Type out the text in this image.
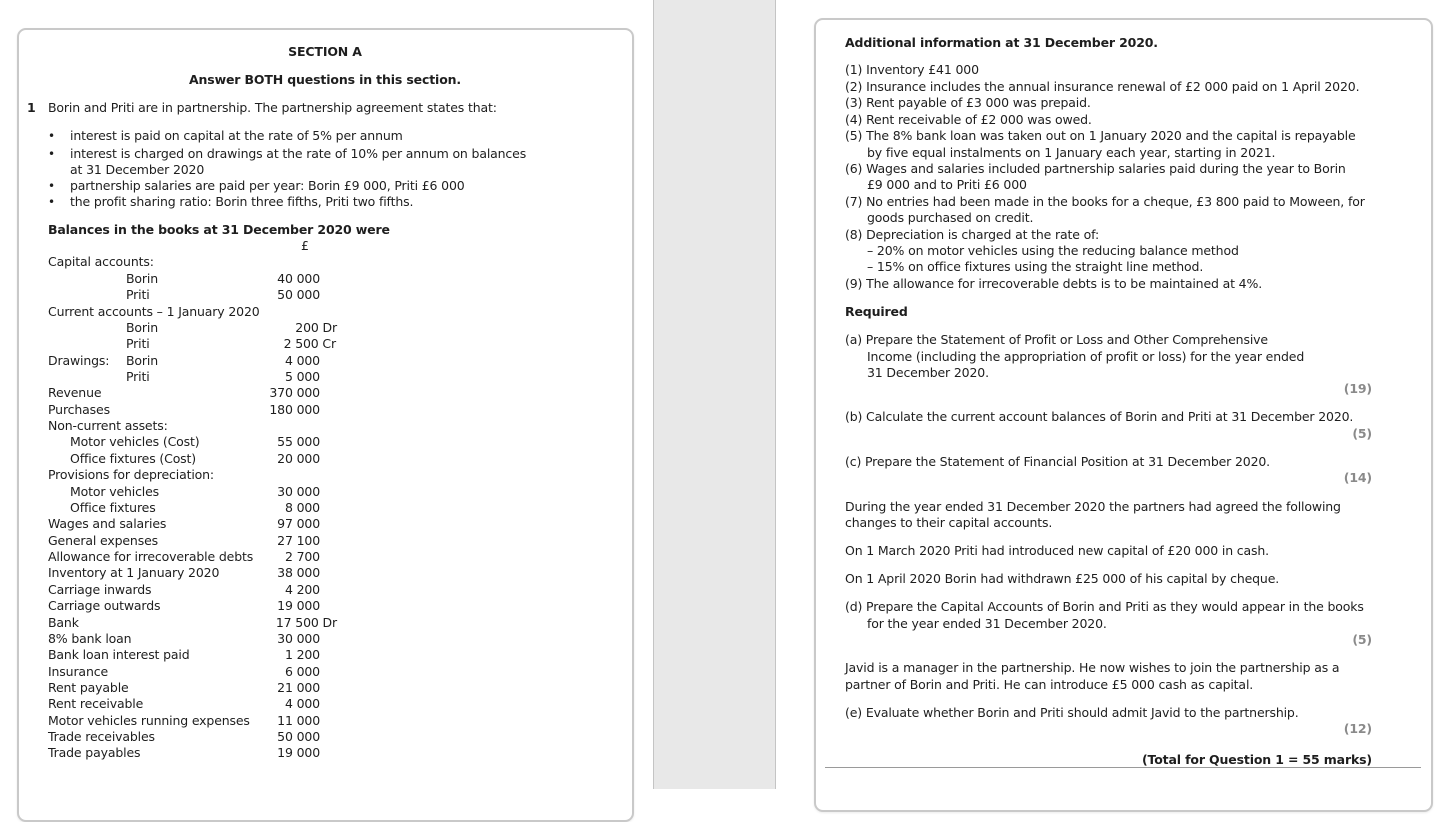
SECTION A
Answer BOTH questions in this section.
1 Borin and Priti are in partnership. The partnership agreement states that:
• interest is paid on capital at the rate of 5% per annum
• interest is charged on drawings at the rate of 10% per annum on balances
at 31 December 2020
• partnership salaries are paid per year: Borin £9 000, Priti £6 000
• the profit sharing ratio: Borin three fifths, Priti two fifths.
Balances in the books at 31 December 2020 were
£
Capital accounts:
Borin
Priti
Current accounts – 1 January 2020
Borin
Priti
Drawings: Borin
Priti
Revenue
Purchases
Non-current assets:
Motor vehicles (Cost)
Office fixtures (Cost)
Provisions for depreciation:
Motor vehicles
Office fixtures
Wages and salaries
General expenses
Allowance for irrecoverable debts
Inventory at 1 January 2020
Carriage inwards
Carriage outwards
Bank
8% bank loan
Bank loan interest paid
Insurance
Rent payable
Rent receivable
Motor vehicles running expenses
Trade receivables
Trade payables
40 000
50 000
200 Dr
2 500 Cr
4 000
5 000
370 000
180 000
55 000
20 000
30 000
8 000
97 000
27 100
2 700
38 000
4 200
19 000
17 500 Dr
30 000
1 200
6 000
21 000
4 000
11 000
50 000
19 000
Additional information at 31 December 2020.
(1) Inventory £41 000
(2) Insurance includes the annual insurance renewal of £2 000 paid on 1 April 2020.
(3) Rent payable of £3 000 was prepaid.
(4) Rent receivable of £2 000 was owed.
(5) The 8% bank loan was taken out on 1 January 2020 and the capital is repayable
by five equal instalments on 1 January each year, starting in 2021.
(6) Wages and salaries included partnership salaries paid during the year to Borin
£9 000 and to Priti £6 000
(7) No entries had been made in the books for a cheque, £3 800 paid to Moween, for
goods purchased on credit.
(8) Depreciation is charged at the rate of:
– 20% on motor vehicles using the reducing balance method
– 15% on office fixtures using the straight line method.
(9) The allowance for irrecoverable debts is to be maintained at 4%.
Required
(a) Prepare the Statement of Profit or Loss and Other Comprehensive
Income (including the appropriation of profit or loss) for the year ended
31 December 2020.
(19)
(b) Calculate the current account balances of Borin and Priti at 31 December 2020.
(5)
(c) Prepare the Statement of Financial Position at 31 December 2020.
(14)
During the year ended 31 December 2020 the partners had agreed the following
changes to their capital accounts.
On 1 March 2020 Priti had introduced new capital of £20 000 in cash.
On 1 April 2020 Borin had withdrawn £25 000 of his capital by cheque.
(d) Prepare the Capital Accounts of Borin and Priti as they would appear in the books
for the year ended 31 December 2020.
(5)
Javid is a manager in the partnership. He now wishes to join the partnership as a
partner of Borin and Priti. He can introduce £5 000 cash as capital.
(e) Evaluate whether Borin and Priti should admit Javid to the partnership.
(12)
(Total for Question 1 = 55 marks)
